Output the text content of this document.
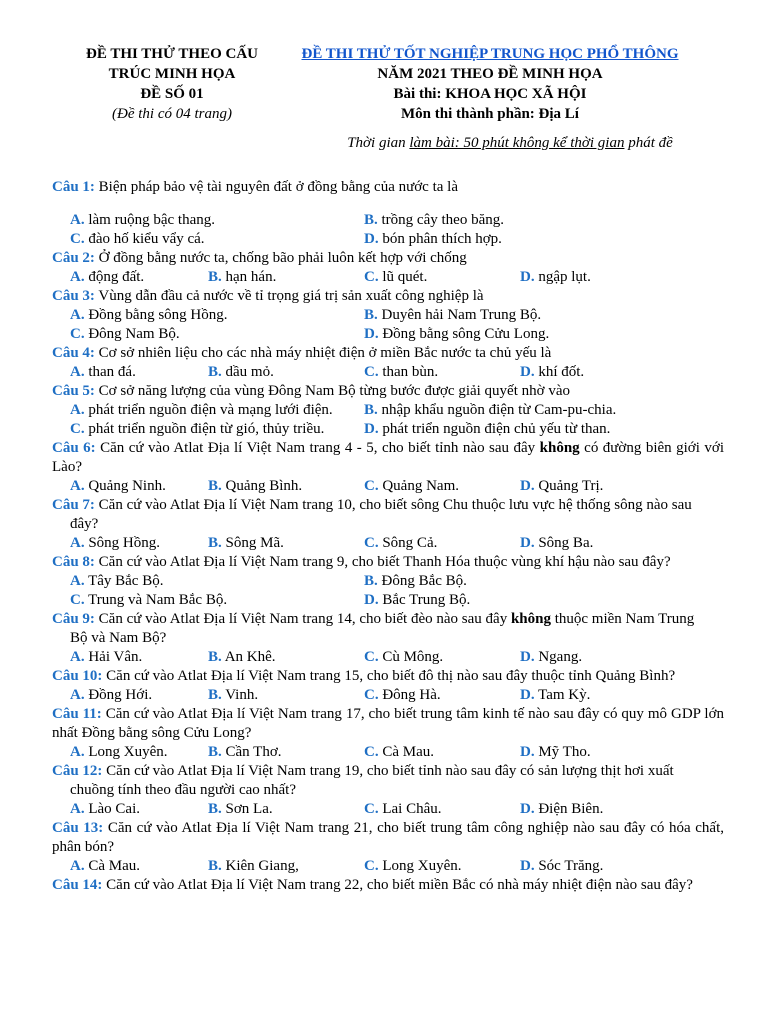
ĐỀ THI THỬ THEO CẤU
TRÚC MINH HỌA
ĐỀ SỐ 01
(Đề thi có 04 trang)
ĐỀ THI THỬ TỐT NGHIỆP TRUNG HỌC PHỔ THÔNG
NĂM 2021 THEO ĐỀ MINH HỌA
Bài thi: KHOA HỌC XÃ HỘI
Môn thi thành phần: Địa Lí
Thời gian làm bài: 50 phút không kể thời gian phát đề
Câu 1: Biện pháp bảo vệ tài nguyên đất ở đồng bằng của nước ta là
A. làm ruộng bậc thang.	B. trồng cây theo băng.
C. đào hố kiểu vẩy cá.	D. bón phân thích hợp.
Câu 2: Ở đồng bằng nước ta, chống bão phải luôn kết hợp với chống
A. động đất.	B. hạn hán.	C. lũ quét.	D. ngập lụt.
Câu 3: Vùng dẫn đầu cả nước về tỉ trọng giá trị sản xuất công nghiệp là
A. Đồng bằng sông Hồng.	B. Duyên hải Nam Trung Bộ.
C. Đông Nam Bộ.	D. Đồng bằng sông Cửu Long.
Câu 4: Cơ sở nhiên liệu cho các nhà máy nhiệt điện ở miền Bắc nước ta chủ yếu là
A. than đá.	B. dầu mỏ.	C. than bùn.	D. khí đốt.
Câu 5: Cơ sở năng lượng của vùng Đông Nam Bộ từng bước được giải quyết nhờ vào
A. phát triển nguồn điện và mạng lưới điện.	B. nhập khẩu nguồn điện từ Cam-pu-chia.
C. phát triển nguồn điện từ gió, thủy triều.	D. phát triển nguồn điện chủ yếu từ than.
Câu 6: Căn cứ vào Atlat Địa lí Việt Nam trang 4 - 5, cho biết tỉnh nào sau đây không có đường biên giới với Lào?
A. Quảng Ninh.	B. Quảng Bình.	C. Quảng Nam.	D. Quảng Trị.
Câu 7: Căn cứ vào Atlat Địa lí Việt Nam trang 10, cho biết sông Chu thuộc lưu vực hệ thống sông nào sau
đây?
A. Sông Hồng.	B. Sông Mã.	C. Sông Cả.	D. Sông Ba.
Câu 8: Căn cứ vào Atlat Địa lí Việt Nam trang 9, cho biết Thanh Hóa thuộc vùng khí hậu nào sau đây?
A. Tây Bắc Bộ.	B. Đông Bắc Bộ.
C. Trung và Nam Bắc Bộ.	D. Bắc Trung Bộ.
Câu 9: Căn cứ vào Atlat Địa lí Việt Nam trang 14, cho biết đèo nào sau đây không thuộc miền Nam Trung
Bộ và Nam Bộ?
A. Hải Vân.	B. An Khê.	C. Cù Mông.	D. Ngang.
Câu 10: Căn cứ vào Atlat Địa lí Việt Nam trang 15, cho biết đô thị nào sau đây thuộc tỉnh Quảng Bình?
A. Đồng Hới.	B. Vinh.	C. Đông Hà.	D. Tam Kỳ.
Câu 11: Căn cứ vào Atlat Địa lí Việt Nam trang 17, cho biết trung tâm kinh tế nào sau đây có quy mô GDP lớn nhất Đồng bằng sông Cửu Long?
A. Long Xuyên.	B. Cần Thơ.	C. Cà Mau.	D. Mỹ Tho.
Câu 12: Căn cứ vào Atlat Địa lí Việt Nam trang 19, cho biết tỉnh nào sau đây có sản lượng thịt hơi xuất
chuồng tính theo đầu người cao nhất?
A. Lào Cai.	B. Sơn La.	C. Lai Châu.	D. Điện Biên.
Câu 13: Căn cứ vào Atlat Địa lí Việt Nam trang 21, cho biết trung tâm công nghiệp nào sau đây có hóa chất, phân bón?
A. Cà Mau.	B. Kiên Giang,	C. Long Xuyên.	D. Sóc Trăng.
Câu 14: Căn cứ vào Atlat Địa lí Việt Nam trang 22, cho biết miền Bắc có nhà máy nhiệt điện nào sau đây?
